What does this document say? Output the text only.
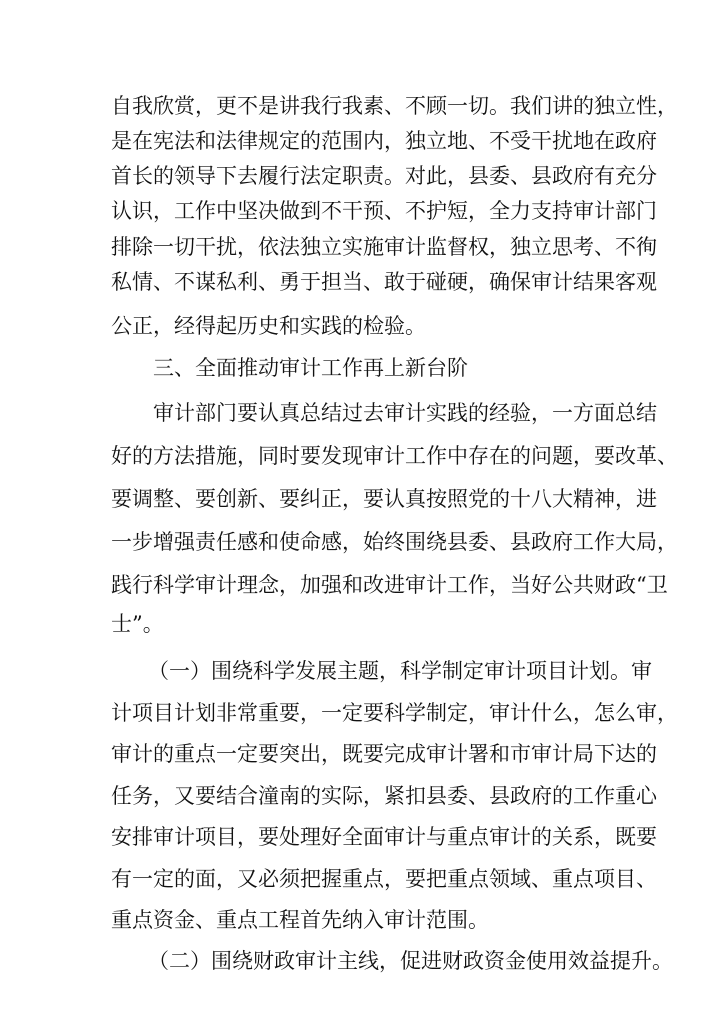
自我欣赏，更不是讲我行我素、不顾一切。我们讲的独立性，
是在宪法和法律规定的范围内，独立地、不受干扰地在政府
首长的领导下去履行法定职责。对此，县委、县政府有充分
认识，工作中坚决做到不干预、不护短，全力支持审计部门
排除一切干扰，依法独立实施审计监督权，独立思考、不徇
私情、不谋私利、勇于担当、敢于碰硬，确保审计结果客观
公正，经得起历史和实践的检验。
三、全面推动审计工作再上新台阶
审计部门要认真总结过去审计实践的经验，一方面总结
好的方法措施，同时要发现审计工作中存在的问题，要改革、
要调整、要创新、要纠正，要认真按照党的十八大精神，进
一步增强责任感和使命感，始终围绕县委、县政府工作大局，
践行科学审计理念，加强和改进审计工作，当好公共财政“卫
士”。
（一）围绕科学发展主题，科学制定审计项目计划。审
计项目计划非常重要，一定要科学制定，审计什么，怎么审，
审计的重点一定要突出，既要完成审计署和市审计局下达的
任务，又要结合潼南的实际，紧扣县委、县政府的工作重心
安排审计项目，要处理好全面审计与重点审计的关系，既要
有一定的面，又必须把握重点，要把重点领域、重点项目、
重点资金、重点工程首先纳入审计范围。
（二）围绕财政审计主线，促进财政资金使用效益提升。
